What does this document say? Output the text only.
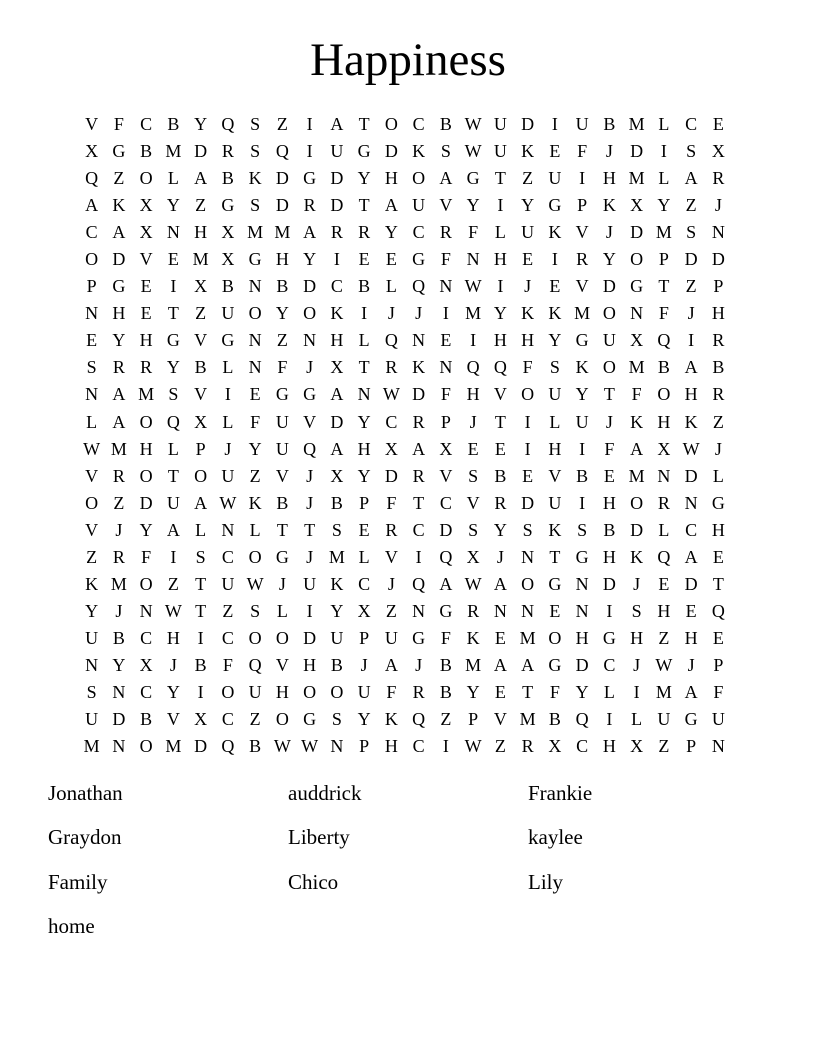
Happiness
V F C B Y Q S Z	I A T O C B W U D I U B M L C E
X G B M D R S Q I U G D K S W U K E F	J D I	S X
Q Z O L A B K D G D Y H O A G T Z U I H M L A R
A K X Y Z G S D R D T A U V Y I Y G P K X Y Z	J
C A X N H X M M A R R Y C R F L U K V J D M S N
O D V E M X G H Y I	E E G F N H E	I	R Y O P D D
P G E	I X B N B D C B L Q N W I	J	E V D G T Z P
N H E T Z U O Y O K I	J	J	I M Y K K M O N F	J H
E Y H G V G N Z N H L Q N E	I H H Y G U X Q I	R
S R R Y B L N F	J X T R K N Q Q F S K O M B A B
N A M S V I	E G G A N W D F H V O U Y T F O H R
L A O Q X L F U V D Y C R P	J	T	I	L U J K H K Z
W M H L P	J Y U Q A H X A X E E	I H I	F A X W J
V R O T O U Z V J X Y D R V S B E V B E M N D L
O Z D U A W K B J B P F T C V R D U I H O R N G
V J Y A L N L T T S E R C D S Y S K S B D L C H
Z R F	I	S C O G J M L V I Q X J N T G H K Q A E
K M O Z T U W J U K C J Q A W A O G N D J	E D T
Y J N W T Z S L	I Y X Z N G R N N E N I	S H E Q
U B C H I	C O O D U P U G F K E M O H G H Z H E
N Y X J B F Q V H B J A J B M A A G D C J W J	P
S N C Y I O U H O O U F R B Y E T F Y L	I M A F
U D B V X C Z O G S Y K Q Z P V M B Q I	L U G U
M N O M D Q B W W N P H C	I W Z R X C H X Z P N
Jonathan	auddrick	Frankie
Graydon	Liberty	kaylee
Family	Chico	Lily
home
